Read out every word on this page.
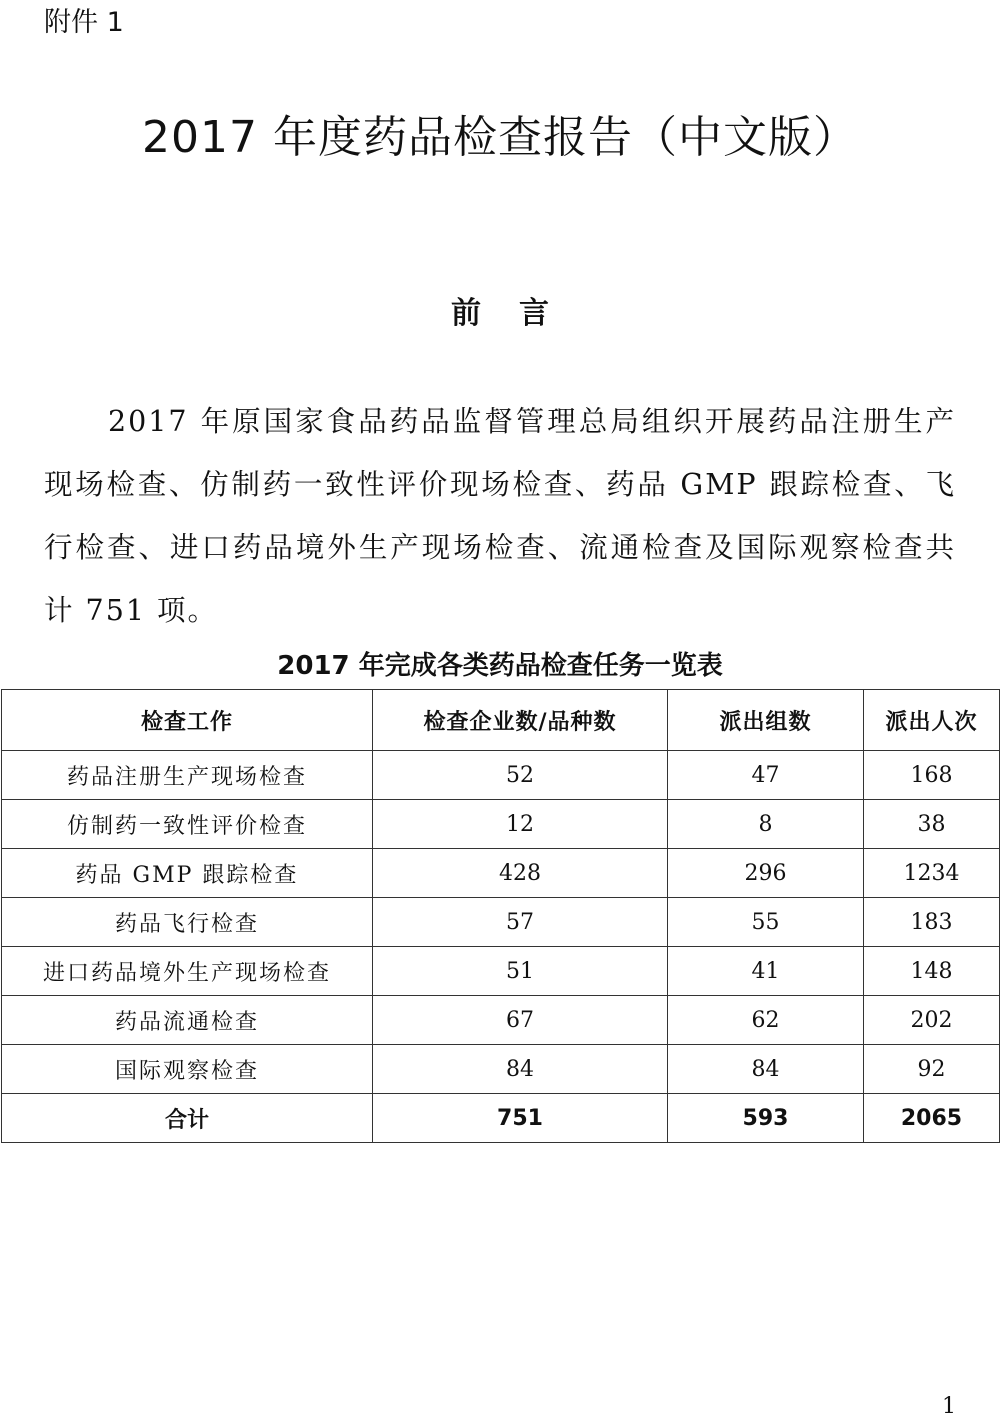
附件 1

2017 年度药品检查报告（中文版）
前言

2017 年原国家食品药品监督管理总局组织开展药品注册生产现场检查、仿制药一致性评价现场检查、药品 GMP 跟踪检查、飞行检查、进口药品境外生产现场检查、流通检查及国际观察检查共计 751 项。

2017 年完成各类药品检查任务一览表

检查工作	检查企业数/品种数	派出组数	派出人次
药品注册生产现场检查	52	47	168
仿制药一致性评价检查	12	8	38
药品 GMP 跟踪检查	428	296	1234
药品飞行检查	57	55	183
进口药品境外生产现场检查	51	41	148
药品流通检查	67	62	202
国际观察检查	84	84	92
合计	751	593	2065

1
